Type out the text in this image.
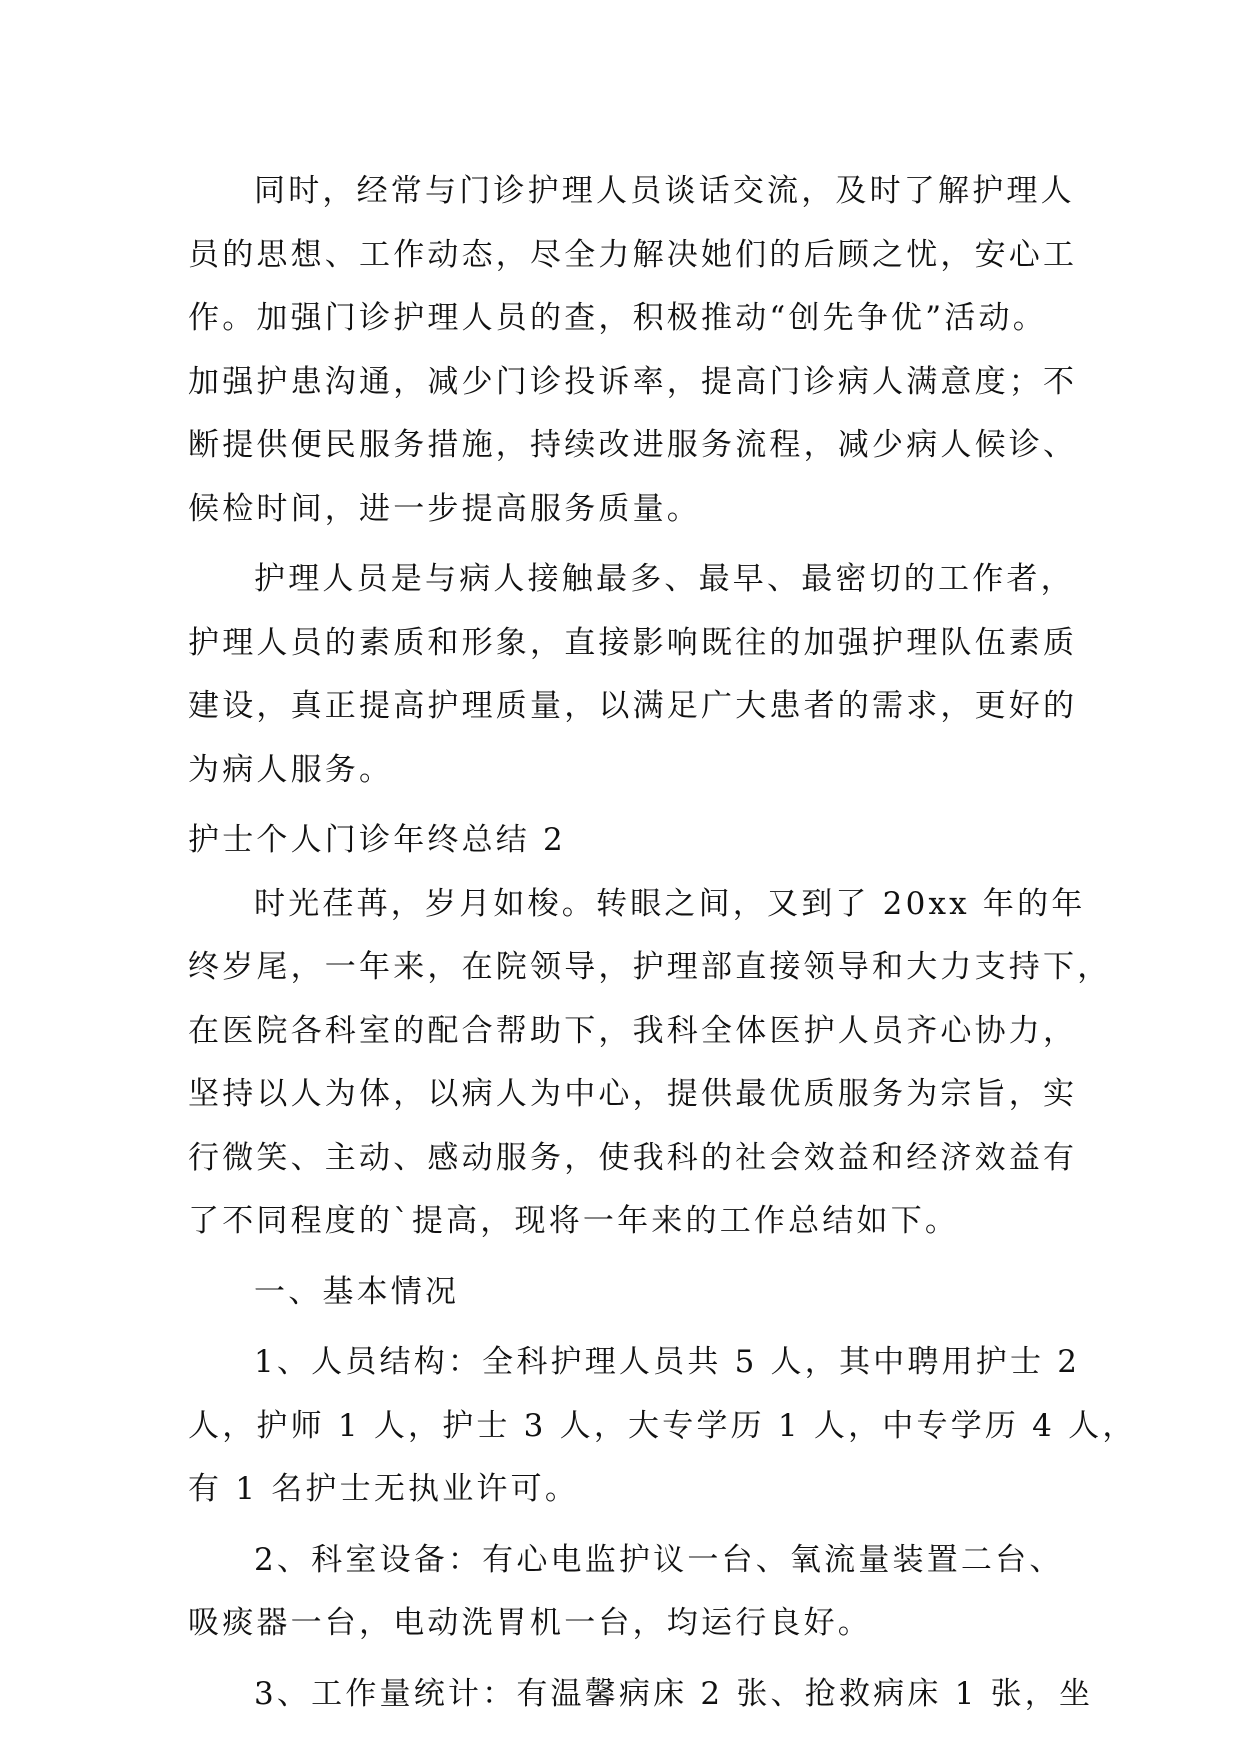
同时，经常与门诊护理人员谈话交流，及时了解护理人
员的思想、工作动态，尽全力解决她们的后顾之忧，安心工
作。加强门诊护理人员的查，积极推动“创先争优”活动。
加强护患沟通，减少门诊投诉率，提高门诊病人满意度；不
断提供便民服务措施，持续改进服务流程，减少病人候诊、
候检时间，进一步提高服务质量。
护理人员是与病人接触最多、最早、最密切的工作者，
护理人员的素质和形象，直接影响既往的加强护理队伍素质
建设，真正提高护理质量，以满足广大患者的需求，更好的
为病人服务。
护士个人门诊年终总结 2
时光荏苒，岁月如梭。转眼之间，又到了 20xx 年的年
终岁尾，一年来，在院领导，护理部直接领导和大力支持下，
在医院各科室的配合帮助下，我科全体医护人员齐心协力，
坚持以人为体，以病人为中心，提供最优质服务为宗旨，实
行微笑、主动、感动服务，使我科的社会效益和经济效益有
了不同程度的`提高，现将一年来的工作总结如下。
一、基本情况
1、人员结构：全科护理人员共 5 人，其中聘用护士 2
人，护师 1 人，护士 3 人，大专学历 1 人，中专学历 4 人，
有 1 名护士无执业许可。
2、科室设备：有心电监护议一台、氧流量装置二台、
吸痰器一台，电动洗胃机一台，均运行良好。
3、工作量统计：有温馨病床 2 张、抢救病床 1 张，坐
